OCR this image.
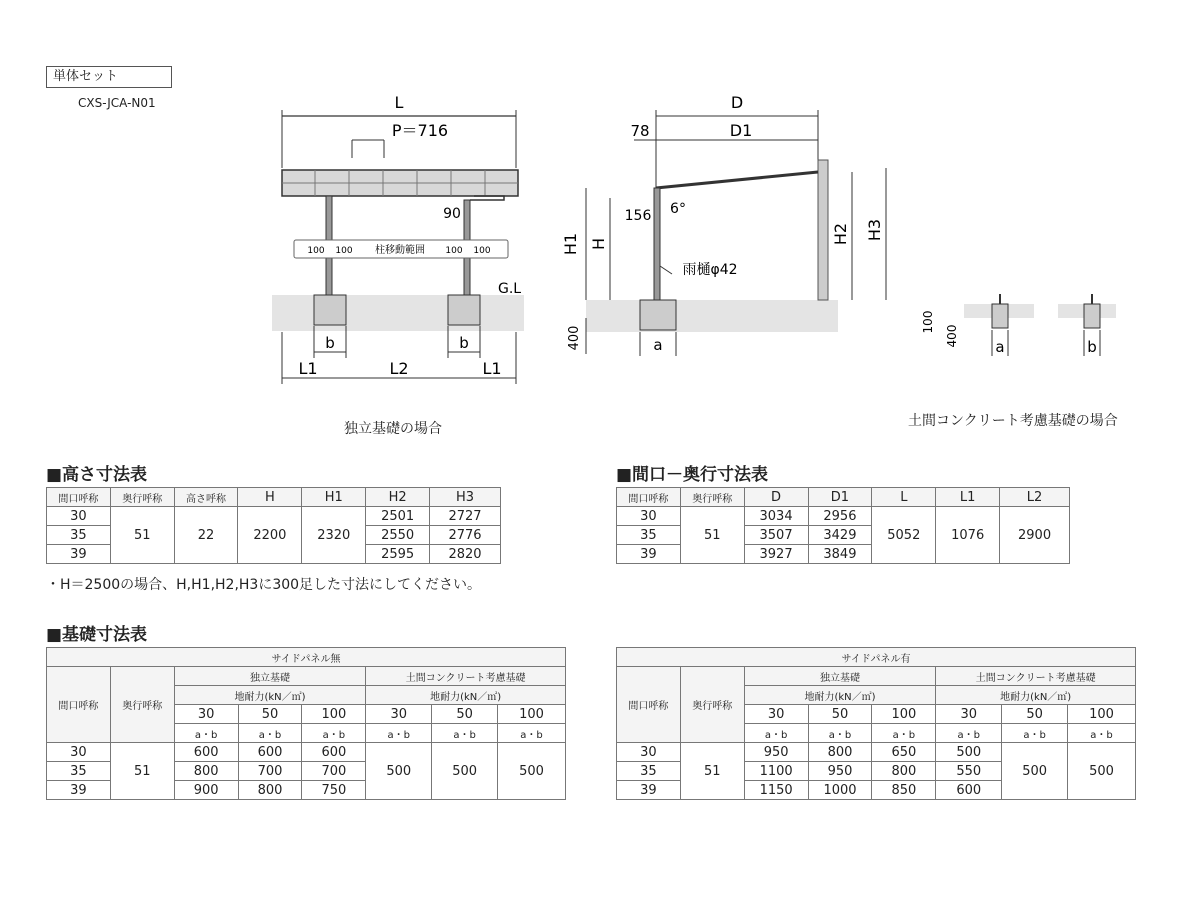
単体セット
CXS-JCA-N01	L
P＝716
90
100 100 柱移動範囲 100 100
G.L
b	b
L1	L2	L1
D
D1
78
6°
156
雨樋φ42
H1 H	H2 H3
400	a
100
400 a	b
独立基礎の場合	土間コンクリート考慮基礎の場合
■高さ寸法表
間口呼称	奥行呼称	高さ呼称	H	H1	H2	H3
30	51	22	2200	2320	2501	2727
35					2550	2776
39					2595	2820
・H＝2500の場合、H,H1,H2,H3に300足した寸法にしてください。
■間口－奥行寸法表
間口呼称	奥行呼称	D	D1	L	L1	L2
30	51	3034	2956	5052	1076	2900
35		3507	3429			
39		3927	3849			
■基礎寸法表
サイドパネル無							
間口呼称	奥行呼称	独立基礎			土間コンクリート考慮基礎		
		地耐力(kN／㎡)			地耐力(kN／㎡)		
		30	50	100	30	50	100
		a・b	a・b	a・b	a・b	a・b	a・b
30	51	600	600	600	500	500	500
35		800	700	700			
39		900	800	750			
サイドパネル有							
間口呼称	奥行呼称	独立基礎			土間コンクリート考慮基礎		
		地耐力(kN／㎡)			地耐力(kN／㎡)		
		30	50	100	30	50	100
		a・b	a・b	a・b	a・b	a・b	a・b
30	51	950	800	650	500	500	500
35		1100	950	800	550		
39		1150	1000	850	600		
